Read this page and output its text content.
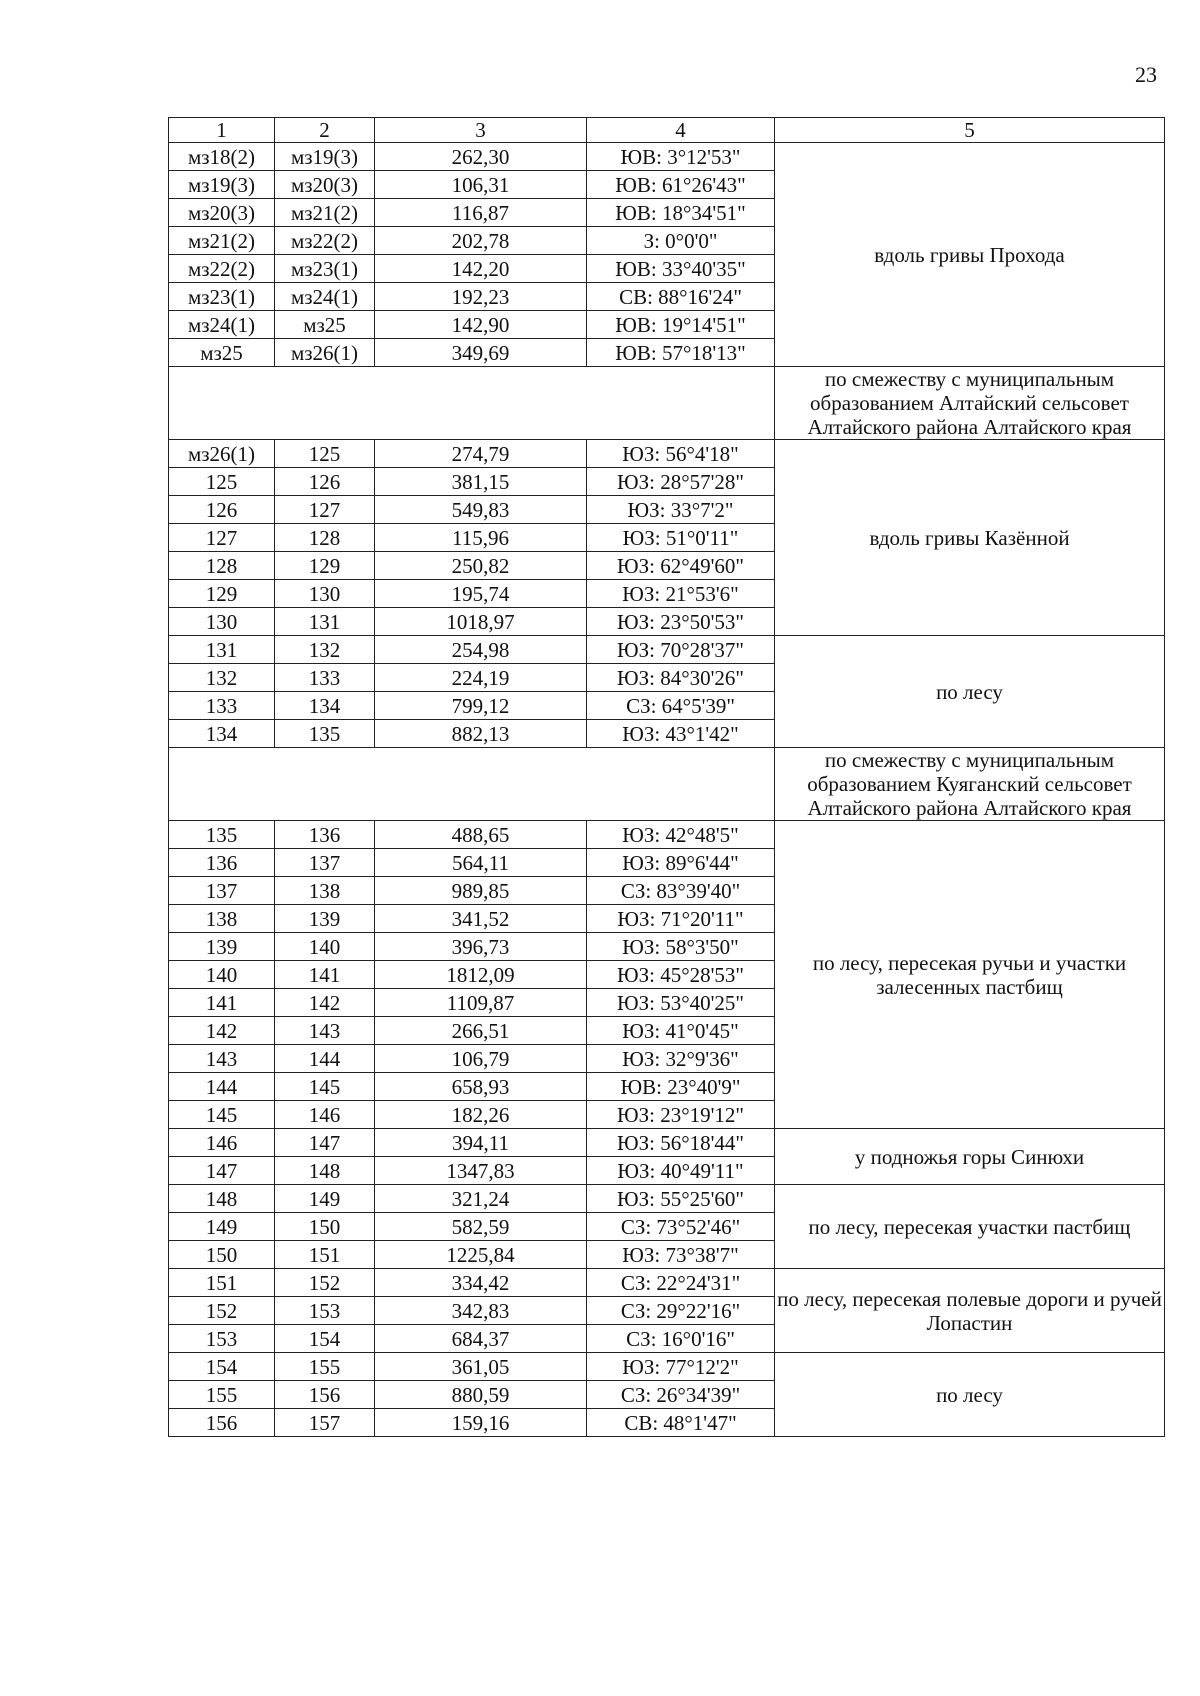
23
1	2	3	4	5
мз18(2)	мз19(3)	262,30	ЮВ: 3°12'53"	вдоль гривы Прохода
мз19(3)	мз20(3)	106,31	ЮВ: 61°26'43"	
мз20(3)	мз21(2)	116,87	ЮВ: 18°34'51"	
мз21(2)	мз22(2)	202,78	З: 0°0'0"	
мз22(2)	мз23(1)	142,20	ЮВ: 33°40'35"	
мз23(1)	мз24(1)	192,23	СВ: 88°16'24"	
мз24(1)	мз25	142,90	ЮВ: 19°14'51"	
мз25	мз26(1)	349,69	ЮВ: 57°18'13"	
				по смежеству с муниципальным образованием Алтайский сельсовет Алтайского района Алтайского края
мз26(1)	125	274,79	ЮЗ: 56°4'18"	вдоль гривы Казённой
125	126	381,15	ЮЗ: 28°57'28"	
126	127	549,83	ЮЗ: 33°7'2"	
127	128	115,96	ЮЗ: 51°0'11"	
128	129	250,82	ЮЗ: 62°49'60"	
129	130	195,74	ЮЗ: 21°53'6"	
130	131	1018,97	ЮЗ: 23°50'53"	
131	132	254,98	ЮЗ: 70°28'37"	по лесу
132	133	224,19	ЮЗ: 84°30'26"	
133	134	799,12	СЗ: 64°5'39"	
134	135	882,13	ЮЗ: 43°1'42"	
				по смежеству с муниципальным образованием Куяганский сельсовет Алтайского района Алтайского края
135	136	488,65	ЮЗ: 42°48'5"	по лесу, пересекая ручьи и участки залесенных пастбищ
136	137	564,11	ЮЗ: 89°6'44"	
137	138	989,85	СЗ: 83°39'40"	
138	139	341,52	ЮЗ: 71°20'11"	
139	140	396,73	ЮЗ: 58°3'50"	
140	141	1812,09	ЮЗ: 45°28'53"	
141	142	1109,87	ЮЗ: 53°40'25"	
142	143	266,51	ЮЗ: 41°0'45"	
143	144	106,79	ЮЗ: 32°9'36"	
144	145	658,93	ЮВ: 23°40'9"	
145	146	182,26	ЮЗ: 23°19'12"	
146	147	394,11	ЮЗ: 56°18'44"	у подножья горы Синюхи
147	148	1347,83	ЮЗ: 40°49'11"	
148	149	321,24	ЮЗ: 55°25'60"	по лесу, пересекая участки пастбищ
149	150	582,59	СЗ: 73°52'46"	
150	151	1225,84	ЮЗ: 73°38'7"	
151	152	334,42	СЗ: 22°24'31"	по лесу, пересекая полевые дороги и ручей Лопастин
152	153	342,83	СЗ: 29°22'16"	
153	154	684,37	СЗ: 16°0'16"	
154	155	361,05	ЮЗ: 77°12'2"	по лесу
155	156	880,59	СЗ: 26°34'39"	
156	157	159,16	СВ: 48°1'47"	
